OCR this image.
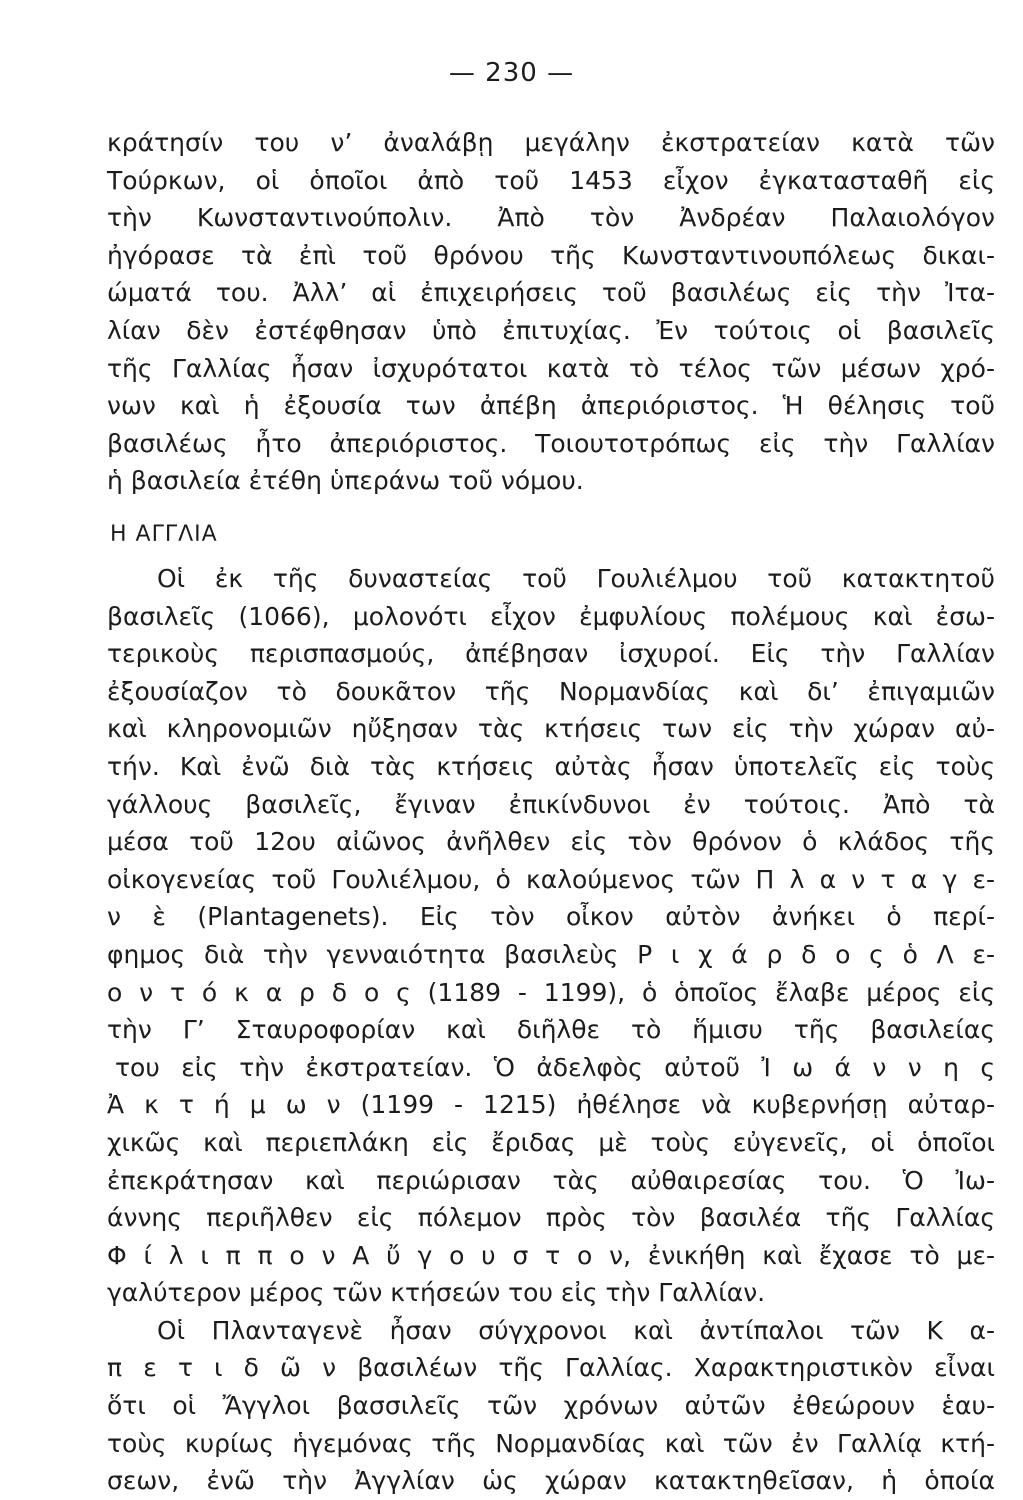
— 230 —
κράτησίν του ν’ ἀναλάβῃ μεγάλην ἐκστρατείαν κατὰ τῶν
Τούρκων, οἱ ὁποῖοι ἀπὸ τοῦ 1453 εἶχον ἐγκατασταθῆ εἰς
τὴν Κωνσταντινούπολιν. Ἀπὸ τὸν Ἀνδρέαν Παλαιολόγον
ἠγόρασε τὰ ἐπὶ τοῦ θρόνου τῆς Κωνσταντινουπόλεως δικαι-
ώματά του. Ἀλλ’ αἱ ἐπιχειρήσεις τοῦ βασιλέως εἰς τὴν Ἰτα-
λίαν δὲν ἐστέφθησαν ὑπὸ ἐπιτυχίας. Ἐν τούτοις οἱ βασιλεῖς
τῆς Γαλλίας ἦσαν ἰσχυρότατοι κατὰ τὸ τέλος τῶν μέσων χρό-
νων καὶ ἡ ἐξουσία των ἀπέβη ἀπεριόριστος. Ἡ θέλησις τοῦ
βασιλέως ἦτο ἀπεριόριστος. Τοιουτοτρόπως εἰς τὴν Γαλλίαν
ἡ βασιλεία ἐτέθη ὑπεράνω τοῦ νόμου.
Η ΑΓΓΛΙΑ
Οἱ ἐκ τῆς δυναστείας τοῦ Γουλιέλμου τοῦ κατακτητοῦ
βασιλεῖς (1066), μολονότι εἶχον ἐμφυλίους πολέμους καὶ ἐσω-
τερικοὺς περισπασμούς, ἀπέβησαν ἰσχυροί. Εἰς τὴν Γαλλίαν
ἐξουσίαζον τὸ δουκᾶτον τῆς Νορμανδίας καὶ δι’ ἐπιγαμιῶν
καὶ κληρονομιῶν ηὔξησαν τὰς κτήσεις των εἰς τὴν χώραν αὐ-
τήν. Καὶ ἐνῶ διὰ τὰς κτήσεις αὐτὰς ἦσαν ὑποτελεῖς εἰς τοὺς
γάλλους βασιλεῖς, ἔγιναν ἐπικίνδυνοι ἐν τούτοις. Ἀπὸ τὰ
μέσα τοῦ 12ου αἰῶνος ἀνῆλθεν εἰς τὸν θρόνον ὁ κλάδος τῆς
οἰκογενείας τοῦ Γουλιέλμου, ὁ καλούμενος τῶν Π λ α ν τ α γ ε-
ν ὲ (Plantagenets). Εἰς τὸν οἶκον αὐτὸν ἀνήκει ὁ περί-
φημος διὰ τὴν γενναιότητα βασιλεὺς Ρ ι χ ά ρ δ ο ς ὁ Λ ε-
ο ν τ ό κ α ρ δ ο ς (1189 - 1199), ὁ ὁποῖος ἔλαβε μέρος εἰς
τὴν Γ’ Σταυροφορίαν καὶ διῆλθε τὸ ἥμισυ τῆς βασιλείας
του εἰς τὴν ἐκστρατείαν. Ὁ ἀδελφὸς αὐτοῦ Ἰ ω ά ν ν η ς
Ἀ κ τ ή μ ω ν (1199 - 1215) ἠθέλησε νὰ κυβερνήσῃ αὐταρ-
χικῶς καὶ περιεπλάκη εἰς ἔριδας μὲ τοὺς εὐγενεῖς, οἱ ὁποῖοι
ἐπεκράτησαν καὶ περιώρισαν τὰς αὐθαιρεσίας του. Ὁ Ἰω-
άννης περιῆλθεν εἰς πόλεμον πρὸς τὸν βασιλέα τῆς Γαλλίας
Φ ί λ ι π π ο ν Α ὔ γ ο υ σ τ ο ν, ἐνικήθη καὶ ἔχασε τὸ με-
γαλύτερον μέρος τῶν κτήσεών του εἰς τὴν Γαλλίαν.
Οἱ Πλανταγενὲ ἦσαν σύγχρονοι καὶ ἀντίπαλοι τῶν Κ α-
π ε τ ι δ ῶ ν βασιλέων τῆς Γαλλίας. Χαρακτηριστικὸν εἶναι
ὅτι οἱ Ἄγγλοι βασσιλεῖς τῶν χρόνων αὐτῶν ἐθεώρουν ἑαυ-
τοὺς κυρίως ἡγεμόνας τῆς Νορμανδίας καὶ τῶν ἐν Γαλλίᾳ κτή-
σεων, ἐνῶ τὴν Ἀγγλίαν ὡς χώραν κατακτηθεῖσαν, ἡ ὁποία
